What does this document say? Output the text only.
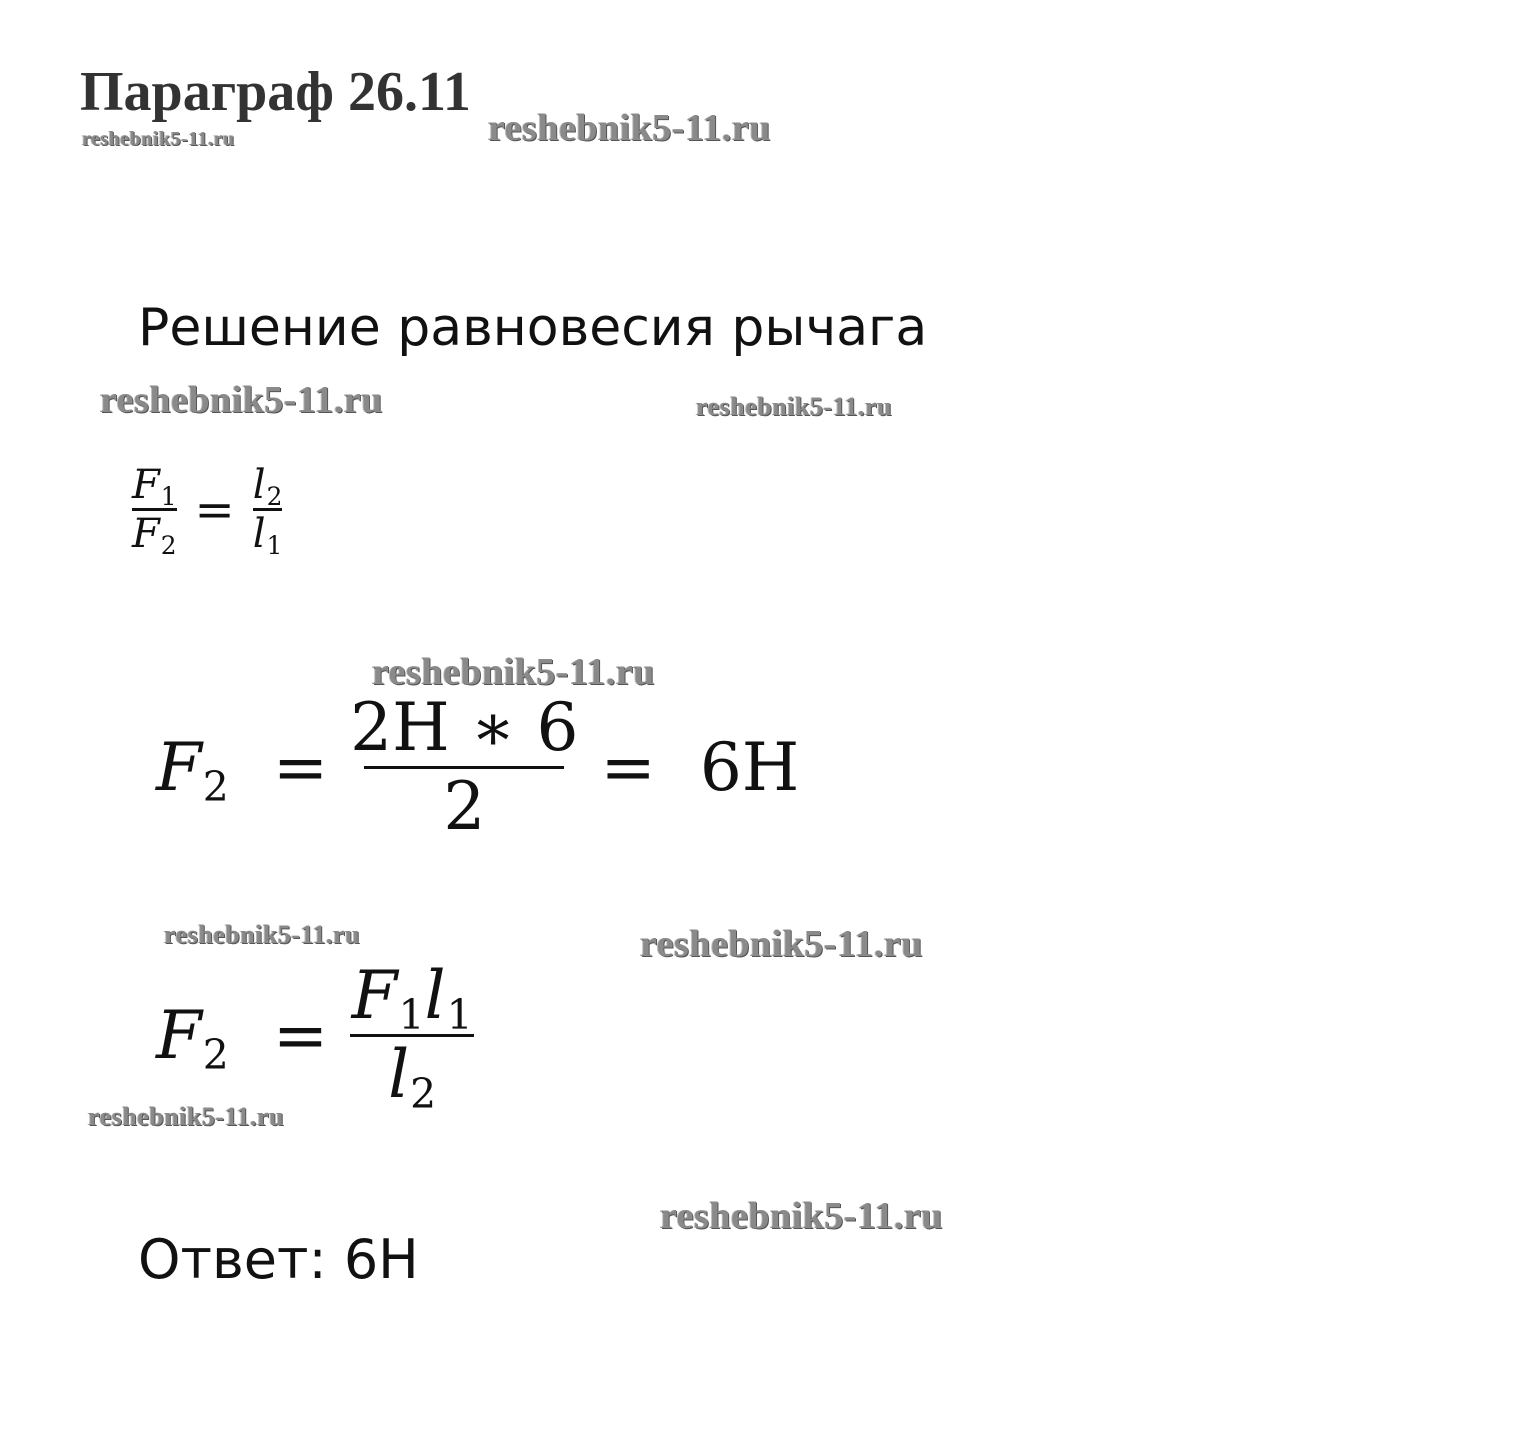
Параграф 26.11
reshebnik5-11.ru	reshebnik5-11.ru
reshebnik5-11.ru	reshebnik5-11.ru
reshebnik5-11.ru
reshebnik5-11.ru	reshebnik5-11.ru
reshebnik5-11.ru
reshebnik5-11.ru
Решение равновесия рычага
$\frac{F1}{F2} = \frac{l2}{l1}$
$F2 = \frac{2Н ∗ 6}{2} = 6Н$
$F2 = \frac{F1l1}{l2}$
Ответ: 6Н
